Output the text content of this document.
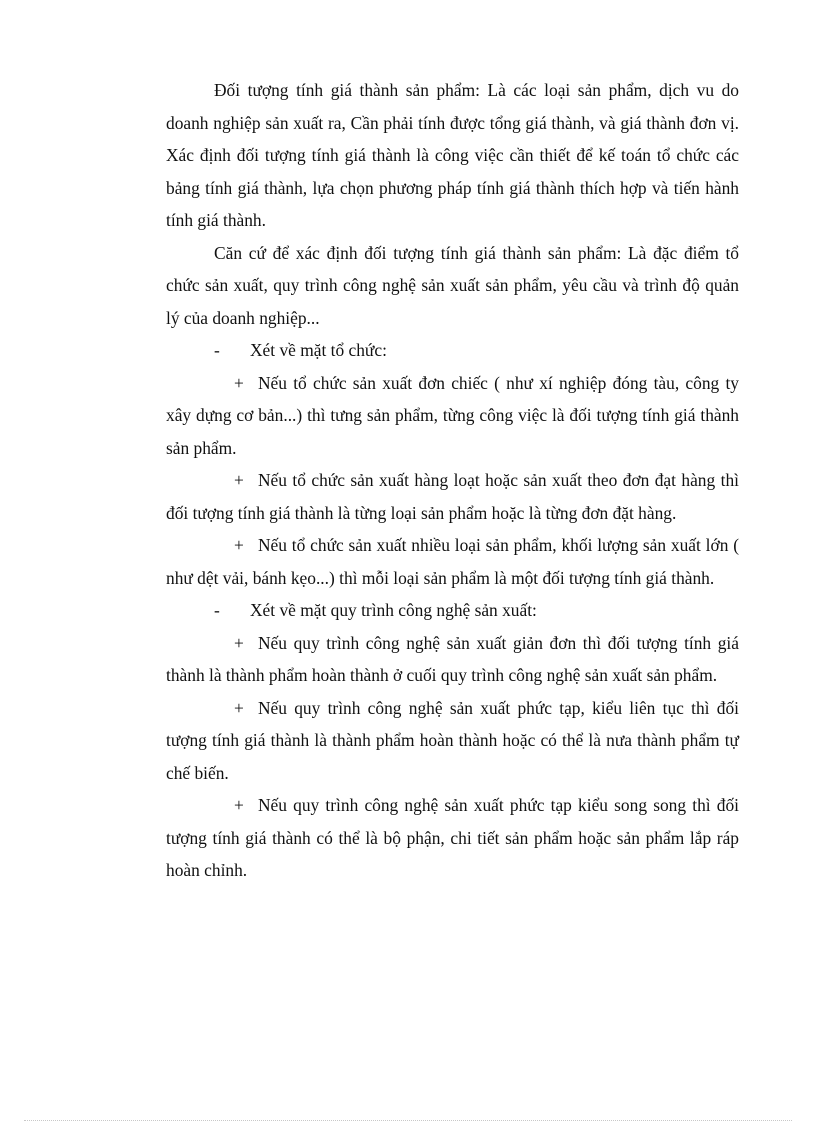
Đối tượng tính giá thành sản phẩm: Là các loại sản phẩm, dịch vu do doanh nghiệp sản xuất ra, Cần phải tính được tổng giá thành, và giá thành đơn vị. Xác định đối tượng tính giá thành là công việc cần thiết để kế toán tổ chức các bảng tính giá thành, lựa chọn phương pháp tính giá thành thích hợp và tiến hành tính giá thành.

Căn cứ để xác định đối tượng tính giá thành sản phẩm: Là đặc điểm tổ chức sản xuất, quy trình công nghệ sản xuất sản phẩm, yêu cầu và trình độ quản lý của doanh nghiệp...

- Xét về mặt tổ chức:

+ Nếu tổ chức sản xuất đơn chiếc ( như xí nghiệp đóng tàu, công ty xây dựng cơ bản...) thì tưng sản phẩm, từng công việc là đối tượng tính giá thành sản phẩm.

+ Nếu tổ chức sản xuất hàng loạt hoặc sản xuất theo đơn đạt hàng thì đối tượng tính giá thành là từng loại sản phẩm hoặc là từng đơn đặt hàng.

+ Nếu tổ chức sản xuất nhiều loại sản phẩm, khối lượng sản xuất lớn ( như dệt vải, bánh kẹo...) thì mỗi loại sản phẩm là một đối tượng tính giá thành.

- Xét về mặt quy trình công nghệ sản xuất:

+ Nếu quy trình công nghệ sản xuất giản đơn thì đối tượng tính giá thành là thành phẩm hoàn thành ở cuối quy trình công nghệ sản xuất sản phẩm.

+ Nếu quy trình công nghệ sản xuất phức tạp, kiểu liên tục thì đối tượng tính giá thành là thành phẩm hoàn thành hoặc có thể là nưa thành phẩm tự chế biến.

+ Nếu quy trình công nghệ sản xuất phức tạp kiểu song song thì đối tượng tính giá thành có thể là bộ phận, chi tiết sản phẩm hoặc sản phẩm lắp ráp hoàn chỉnh.
